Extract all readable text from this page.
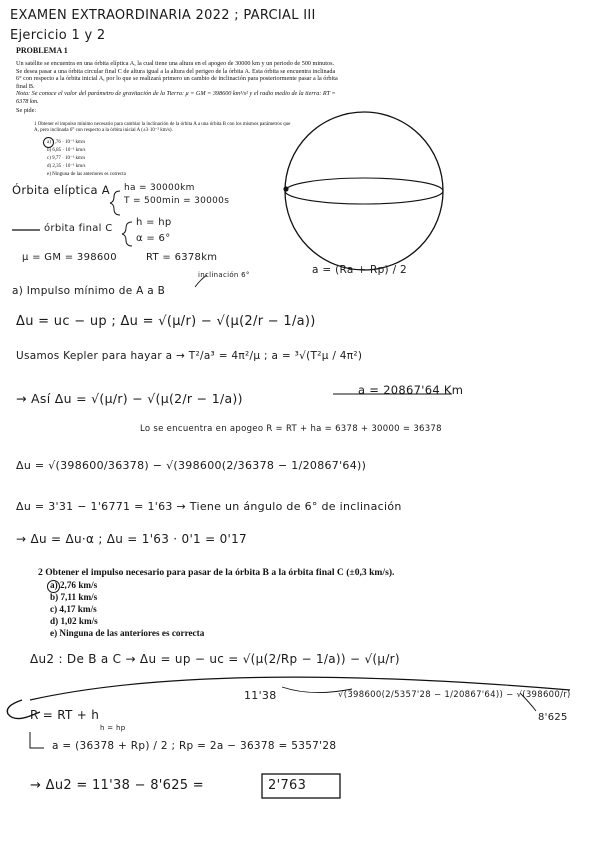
EXAMEN EXTRAORDINARIA 2022 ; PARCIAL III
Ejercicio 1 y 2
PROBLEMA 1
Un satélite se encuentra en una órbita elíptica A, la cual tiene una altura en el apogeo de 30000 km y un periodo de 500 minutos. Se desea pasar a una órbita circular final C de altura igual a la altura del perigeo de la órbita A. Esta órbita se encuentra inclinada 6° con respecto a la órbita inicial A, por lo que se realizará primero un cambio de inclinación para posteriormente pasar a la órbita final B.
Nota: Se conoce el valor del parámetro de gravitación de la Tierra: μ = GM = 398600 km³/s² y el radio medio de la tierra: RT = 6378 km.
Se pide:
1 Obtener el impulso mínimo necesario para cambiar la inclinación de la órbita A a una órbita B con los mismos parámetros que A, pero inclinada 6° con respecto a la órbita inicial A (±3·10⁻² km/s).
a) 1,76 · 10⁻¹ km/s
b) 6,85 · 10⁻¹ km/s
c) 9,77 · 10⁻² km/s
d) 2,35 · 10⁻¹ km/s
e) Ninguna de las anteriores es correcta
Órbita elíptica A ha = 30000km
T = 500min = 30000s
órbita final C
h = hp
α = 6°
μ = GM = 398600	RT = 6378km
a = (Ra + Rp) / 2
inclinación 6°
a) Impulso mínimo de A a B
Δu = uc − up ; Δu = √(μ/r) − √(μ(2/r − 1/a))
Usamos Kepler para hayar a → T²/a³ = 4π²/μ ; a = ³√(T²μ / 4π²)
→ Así Δu = √(μ/r) − √(μ(2/r − 1/a))
a = 20867'64 Km
Lo se encuentra en apogeo R = RT + ha = 6378 + 30000 = 36378
Δu = √(398600/36378) − √(398600(2/36378 − 1/20867'64))
Δu = 3'31 − 1'6771 = 1'63 → Tiene un ángulo de 6° de inclinación
→ Δu = Δu·α ; Δu = 1'63 · 0'1 = 0'17
2 Obtener el impulso necesario para pasar de la órbita B a la órbita final C (±0,3 km/s).
a) 2,76 km/s
b) 7,11 km/s
c) 4,17 km/s
d) 1,02 km/s
e) Ninguna de las anteriores es correcta
Δu2 : De B a C → Δu = up − uc = √(μ(2/Rp − 1/a)) − √(μ/r)
11'38	√(398600(2/5357'28 − 1/20867'64)) − √(398600/r)
8'625
R = RT + h
h = hp
a = (36378 + Rp) / 2 ; Rp = 2a − 36378 = 5357'28
→ Δu2 = 11'38 − 8'625 =	2'763
